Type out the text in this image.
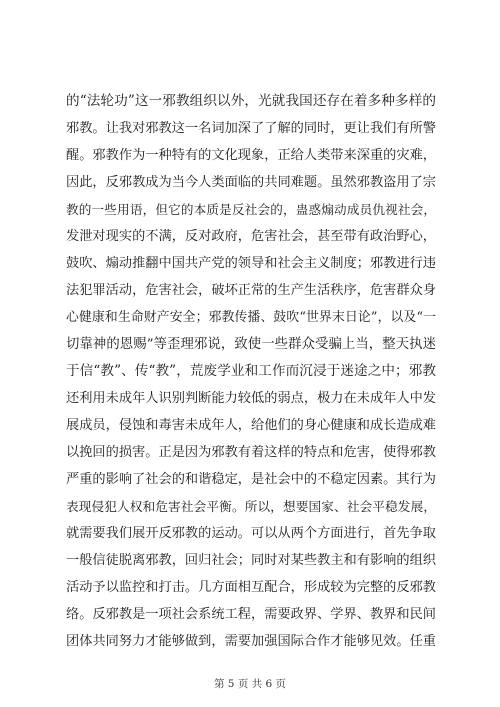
的“法轮功”这一邪教组织以外，光就我国还存在着多种多样的
邪教。让我对邪教这一名词加深了了解的同时，更让我们有所警
醒。邪教作为一种特有的文化现象，正给人类带来深重的灾难，
因此，反邪教成为当今人类面临的共同难题。虽然邪教盗用了宗
教的一些用语，但它的本质是反社会的，蛊惑煽动成员仇视社会，
发泄对现实的不满，反对政府，危害社会，甚至带有政治野心，
鼓吹、煽动推翻中国共产党的领导和社会主义制度；邪教进行违
法犯罪活动，危害社会，破坏正常的生产生活秩序，危害群众身
心健康和生命财产安全；邪教传播、鼓吹“世界末日论”，以及“一
切靠神的恩赐”等歪理邪说，致使一些群众受骗上当，整天执迷
于信“教”、传“教”，荒废学业和工作而沉浸于迷途之中；邪教
还利用未成年人识别判断能力较低的弱点，极力在未成年人中发
展成员，侵蚀和毒害未成年人，给他们的身心健康和成长造成难
以挽回的损害。正是因为邪教有着这样的特点和危害，使得邪教
严重的影响了社会的和谐稳定，是社会中的不稳定因素。其行为
表现侵犯人权和危害社会平衡。所以，想要国家、社会平稳发展，
就需要我们展开反邪教的运动。可以从两个方面进行，首先争取
一般信徒脱离邪教，回归社会；同时对某些教主和有影响的组织
活动予以监控和打击。几方面相互配合，形成较为完整的反邪教
络。反邪教是一项社会系统工程，需要政界、学界、教界和民间
团体共同努力才能够做到，需要加强国际合作才能够见效。任重
第 5 页 共 6 页
